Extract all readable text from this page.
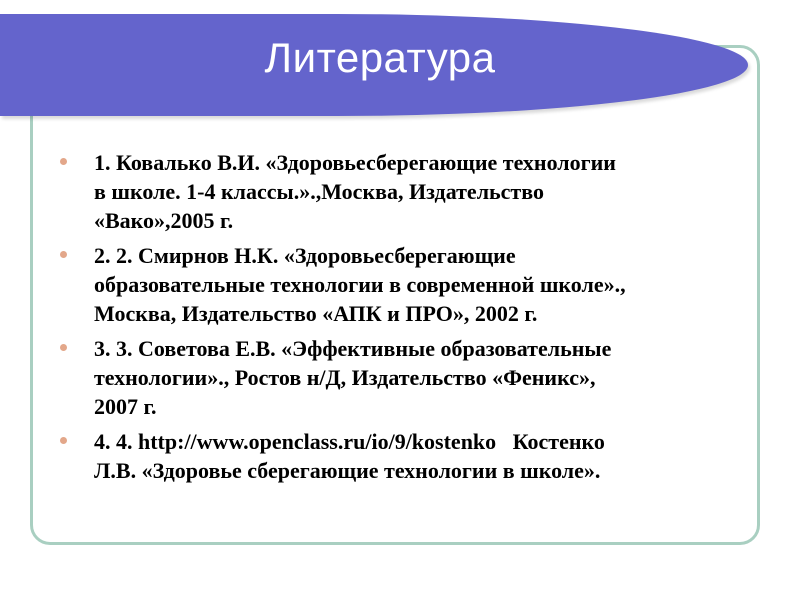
Литература
1. Ковалько В.И. «Здоровьесберегающие технологии
в школе. 1-4 классы.».,Москва, Издательство
«Вако»,2005 г.
2. 2. Смирнов Н.К. «Здоровьесберегающие
образовательные технологии в современной школе».,
Москва, Издательство «АПК и ПРО», 2002 г.
3. 3. Советова Е.В. «Эффективные образовательные
технологии»., Ростов н/Д, Издательство «Феникс»,
2007 г.
4. 4. http://www.openclass.ru/io/9/kostenko   Костенко
Л.В. «Здоровье сберегающие технологии в школе».
